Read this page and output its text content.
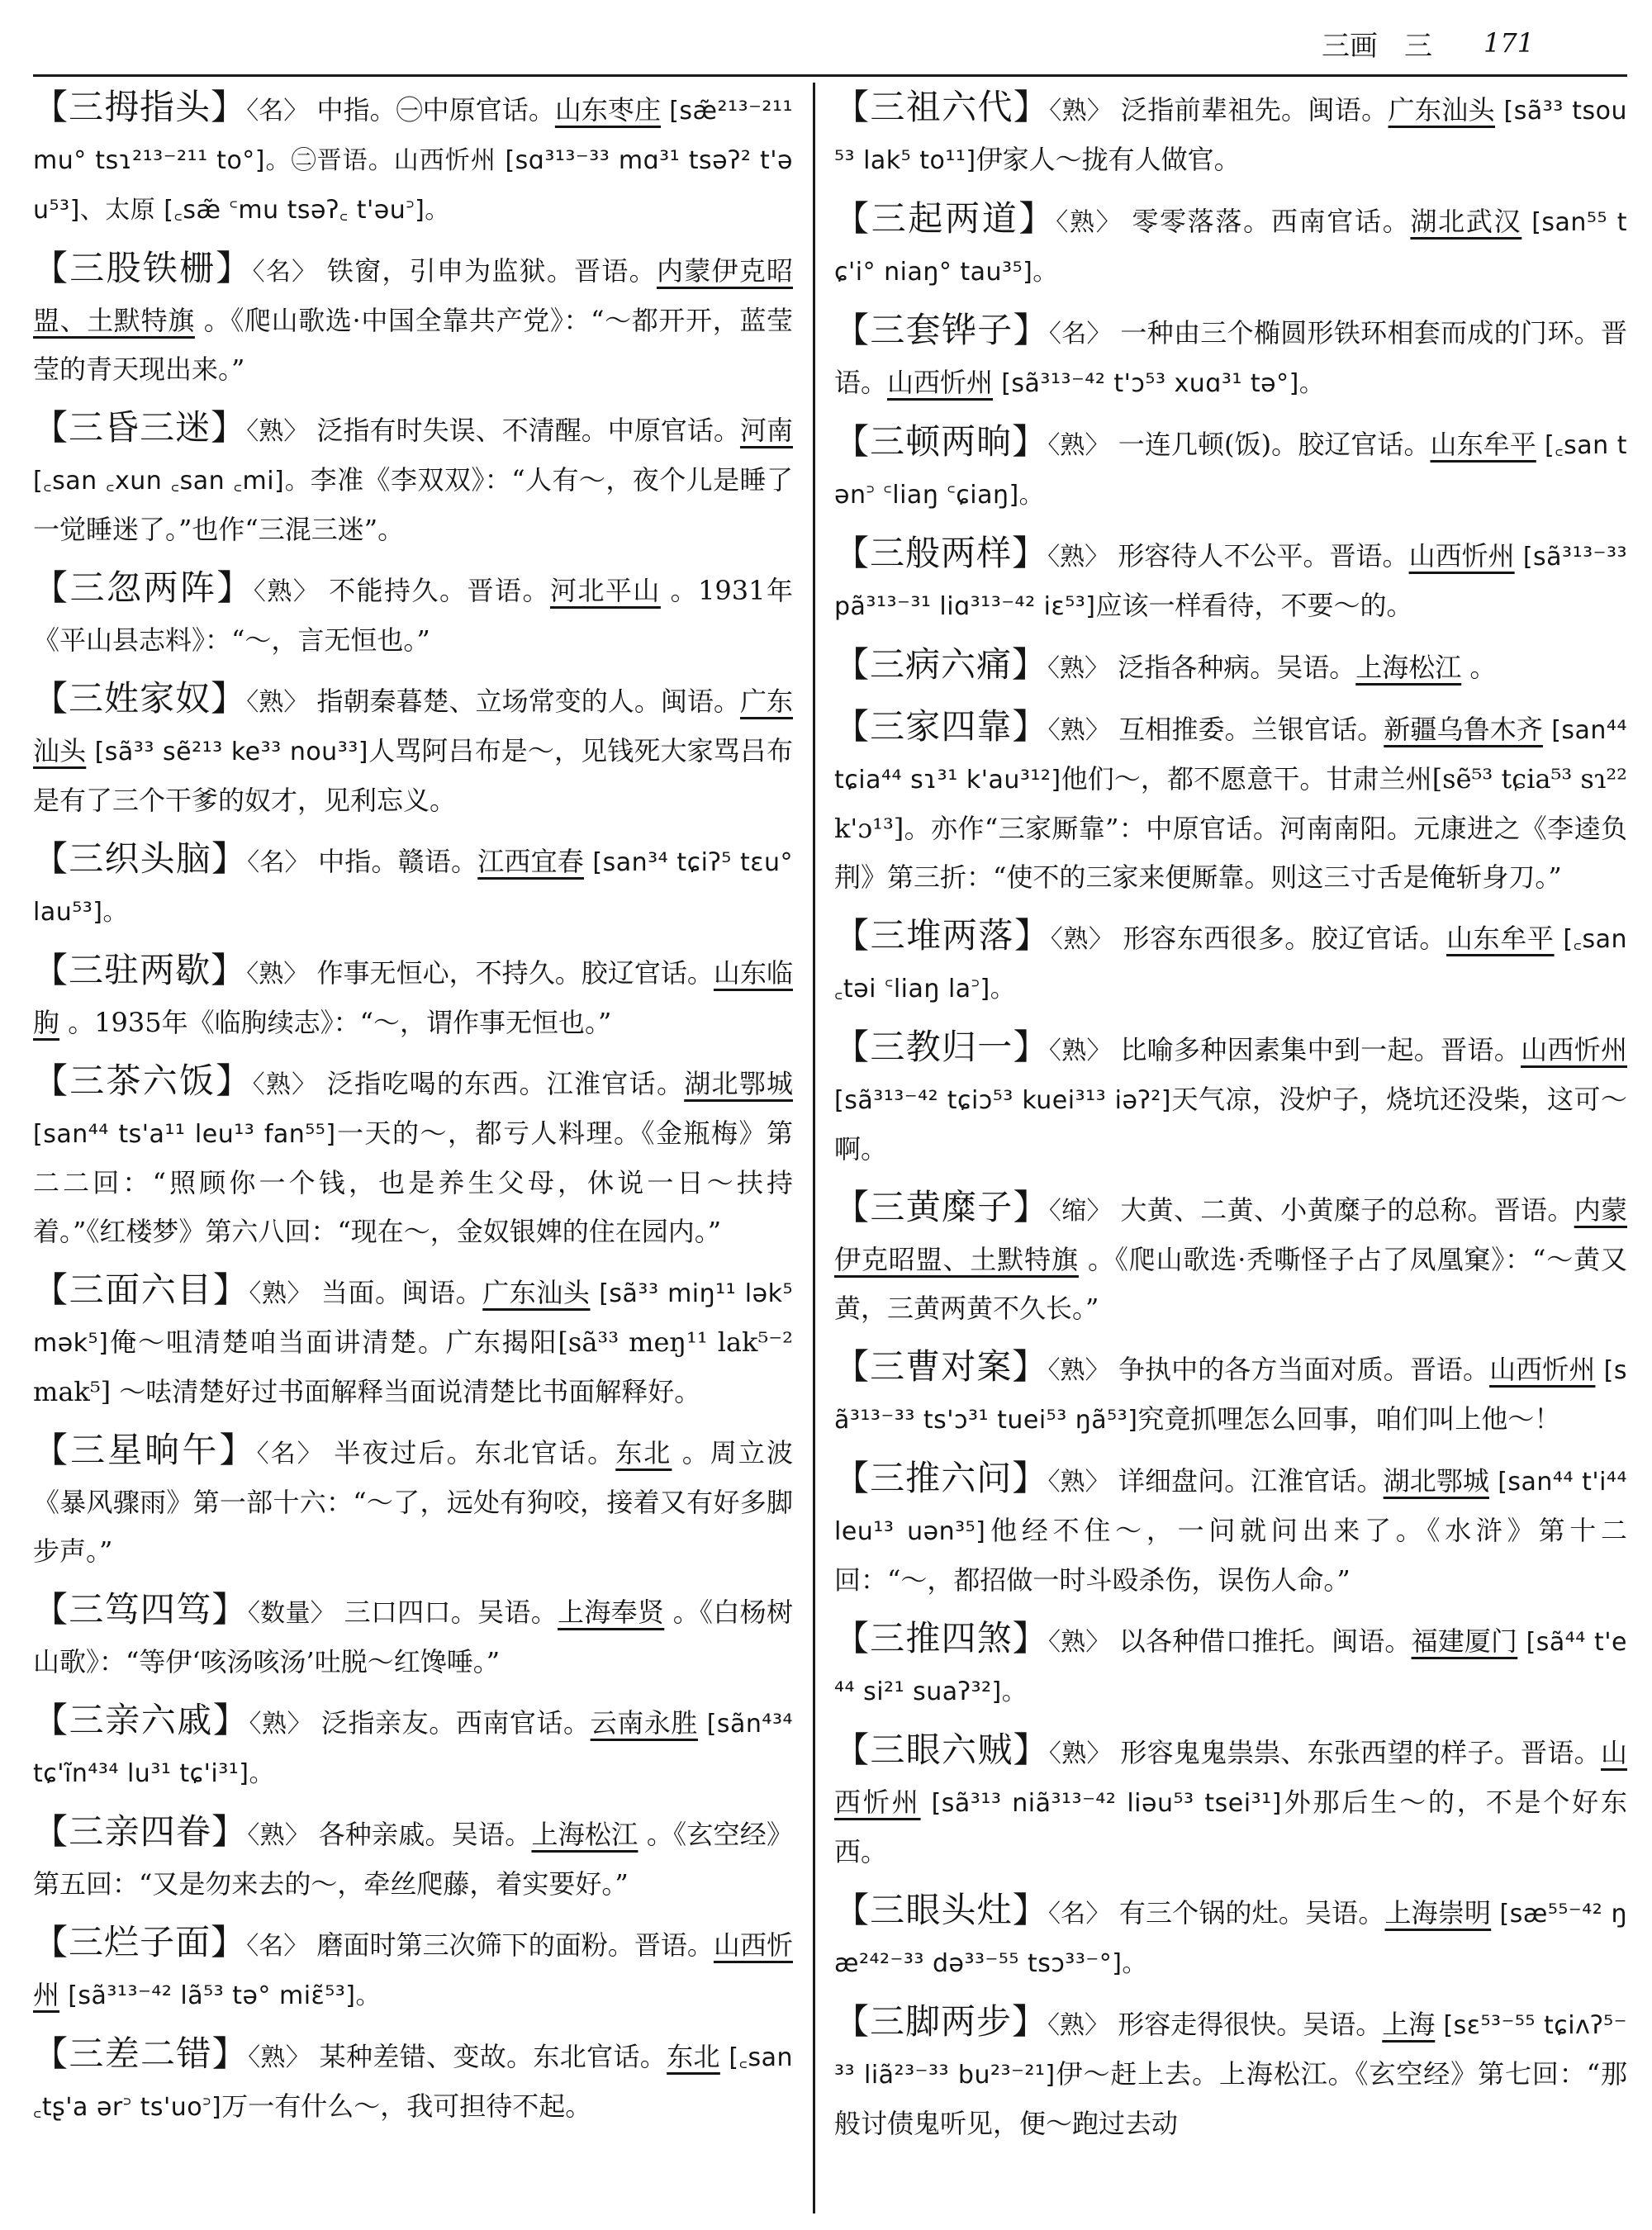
三画 三 171
【三拇指头】〈名〉 中指。㊀中原官话。山东枣庄 [sæ̃²¹³⁻²¹¹ mu° tsɿ²¹³⁻²¹¹ to°]。㊁晋语。山西忻州 [sɑ³¹³⁻³³ mɑ³¹ tsəʔ² t'əu⁵³]、太原 [꜀sæ̃ ꜂mu tsəʔ꜀ t'əu꜄]。
【三股铁栅】〈名〉 铁窗，引申为监狱。晋语。内蒙伊克昭盟、土默特旗 。《爬山歌选·中国全靠共产党》：“～都开开，蓝莹莹的青天现出来。”
【三昏三迷】〈熟〉 泛指有时失误、不清醒。中原官话。河南 [꜀san ꜀xun ꜀san ꜀mi]。李准《李双双》：“人有～，夜个儿是睡了一觉睡迷了。”也作“三混三迷”。
【三忽两阵】〈熟〉 不能持久。晋语。河北平山 。1931年《平山县志料》：“～，言无恒也。”
【三姓家奴】〈熟〉 指朝秦暮楚、立场常变的人。闽语。广东汕头 [sã³³ sẽ²¹³ ke³³ nou³³]人骂阿吕布是～，见钱死大家骂吕布是有了三个干爹的奴才，见利忘义。
【三织头脑】〈名〉 中指。赣语。江西宜春 [san³⁴ tɕiʔ⁵ tɛu° lau⁵³]。
【三驻两歇】〈熟〉 作事无恒心，不持久。胶辽官话。山东临朐 。1935年《临朐续志》：“～，谓作事无恒也。”
【三茶六饭】〈熟〉 泛指吃喝的东西。江淮官话。湖北鄂城 [san⁴⁴ ts'a¹¹ leu¹³ fan⁵⁵]一天的～，都亏人料理。《金瓶梅》第二二回：“照顾你一个钱，也是养生父母，休说一日～扶持着。”《红楼梦》第六八回：“现在～，金奴银婢的住在园内。”
【三面六目】〈熟〉 当面。闽语。广东汕头 [sã³³ miŋ¹¹ lək⁵ mək⁵]俺～咀清楚咱当面讲清楚。广东揭阳[sã³³ meŋ¹¹ lak⁵⁻² mak⁵] ～呿清楚好过书面解释当面说清楚比书面解释好。
【三星晌午】〈名〉 半夜过后。东北官话。东北 。周立波《暴风骤雨》第一部十六：“～了，远处有狗咬，接着又有好多脚步声。”
【三笃四笃】〈数量〉 三口四口。吴语。上海奉贤 。《白杨树山歌》：“等伊‘咳汤咳汤’吐脱～红馋唾。”
【三亲六戚】〈熟〉 泛指亲友。西南官话。云南永胜 [sãn⁴³⁴ tɕ'ĩn⁴³⁴ lu³¹ tɕ'i³¹]。
【三亲四眷】〈熟〉 各种亲戚。吴语。上海松江 。《玄空经》第五回：“又是勿来去的～，牵丝爬藤，着实要好。”
【三烂子面】〈名〉 磨面时第三次筛下的面粉。晋语。山西忻州 [sã³¹³⁻⁴² lã⁵³ tə° miɛ̃⁵³]。
【三差二错】〈熟〉 某种差错、变故。东北官话。东北 [꜀san ꜀tʂ'a ər꜄ ts'uo꜄]万一有什么～，我可担待不起。
【三祖六代】〈熟〉 泛指前辈祖先。闽语。广东汕头 [sã³³ tsou⁵³ lak⁵ to¹¹]伊家人～拢有人做官。
【三起两道】〈熟〉 零零落落。西南官话。湖北武汉 [san⁵⁵ tɕ'i° niaŋ° tau³⁵]。
【三套铧子】〈名〉 一种由三个椭圆形铁环相套而成的门环。晋语。山西忻州 [sã³¹³⁻⁴² t'ɔ⁵³ xuɑ³¹ tə°]。
【三顿两晌】〈熟〉 一连几顿(饭)。胶辽官话。山东牟平 [꜀san tən꜄ ꜂liaŋ ꜂ɕiaŋ]。
【三般两样】〈熟〉 形容待人不公平。晋语。山西忻州 [sã³¹³⁻³³ pã³¹³⁻³¹ liɑ³¹³⁻⁴² iɛ⁵³]应该一样看待，不要～的。
【三病六痛】〈熟〉 泛指各种病。吴语。上海松江 。
【三家四靠】〈熟〉 互相推委。兰银官话。新疆乌鲁木齐 [san⁴⁴ tɕia⁴⁴ sɿ³¹ k'au³¹²]他们～，都不愿意干。甘肃兰州[sẽ⁵³ tɕia⁵³ sɿ²² k'ɔ¹³]。亦作“三家厮靠”：中原官话。河南南阳。元康进之《李逵负荆》第三折：“使不的三家来便厮靠。则这三寸舌是俺斩身刀。”
【三堆两落】〈熟〉 形容东西很多。胶辽官话。山东牟平 [꜀san ꜀təi ꜂liaŋ la꜄]。
【三教归一】〈熟〉 比喻多种因素集中到一起。晋语。山西忻州 [sã³¹³⁻⁴² tɕiɔ⁵³ kuei³¹³ iəʔ²]天气凉，没炉子，烧坑还没柴，这可～啊。
【三黄糜子】〈缩〉 大黄、二黄、小黄糜子的总称。晋语。内蒙伊克昭盟、土默特旗 。《爬山歌选·秃嘶怪子占了凤凰窠》：“～黄又黄，三黄两黄不久长。”
【三曹对案】〈熟〉 争执中的各方当面对质。晋语。山西忻州 [sã³¹³⁻³³ ts'ɔ³¹ tuei⁵³ ŋã⁵³]究竟抓哩怎么回事，咱们叫上他～！
【三推六问】〈熟〉 详细盘问。江淮官话。湖北鄂城 [san⁴⁴ t'i⁴⁴ leu¹³ uən³⁵]他经不住～，一问就问出来了。《水浒》第十二回：“～，都招做一时斗殴杀伤，误伤人命。”
【三推四煞】〈熟〉 以各种借口推托。闽语。福建厦门 [sã⁴⁴ t'e⁴⁴ si²¹ suaʔ³²]。
【三眼六贼】〈熟〉 形容鬼鬼祟祟、东张西望的样子。晋语。山西忻州 [sã³¹³ niã³¹³⁻⁴² liəu⁵³ tsei³¹]外那后生～的，不是个好东西。
【三眼头灶】〈名〉 有三个锅的灶。吴语。上海崇明 [sæ⁵⁵⁻⁴² ŋæ²⁴²⁻³³ də³³⁻⁵⁵ tsɔ³³⁻°]。
【三脚两步】〈熟〉 形容走得很快。吴语。上海 [sɛ⁵³⁻⁵⁵ tɕiʌʔ⁵⁻³³ liã²³⁻³³ bu²³⁻²¹]伊～赶上去。上海松江。《玄空经》第七回：“那般讨债鬼听见，便～跑过去动
